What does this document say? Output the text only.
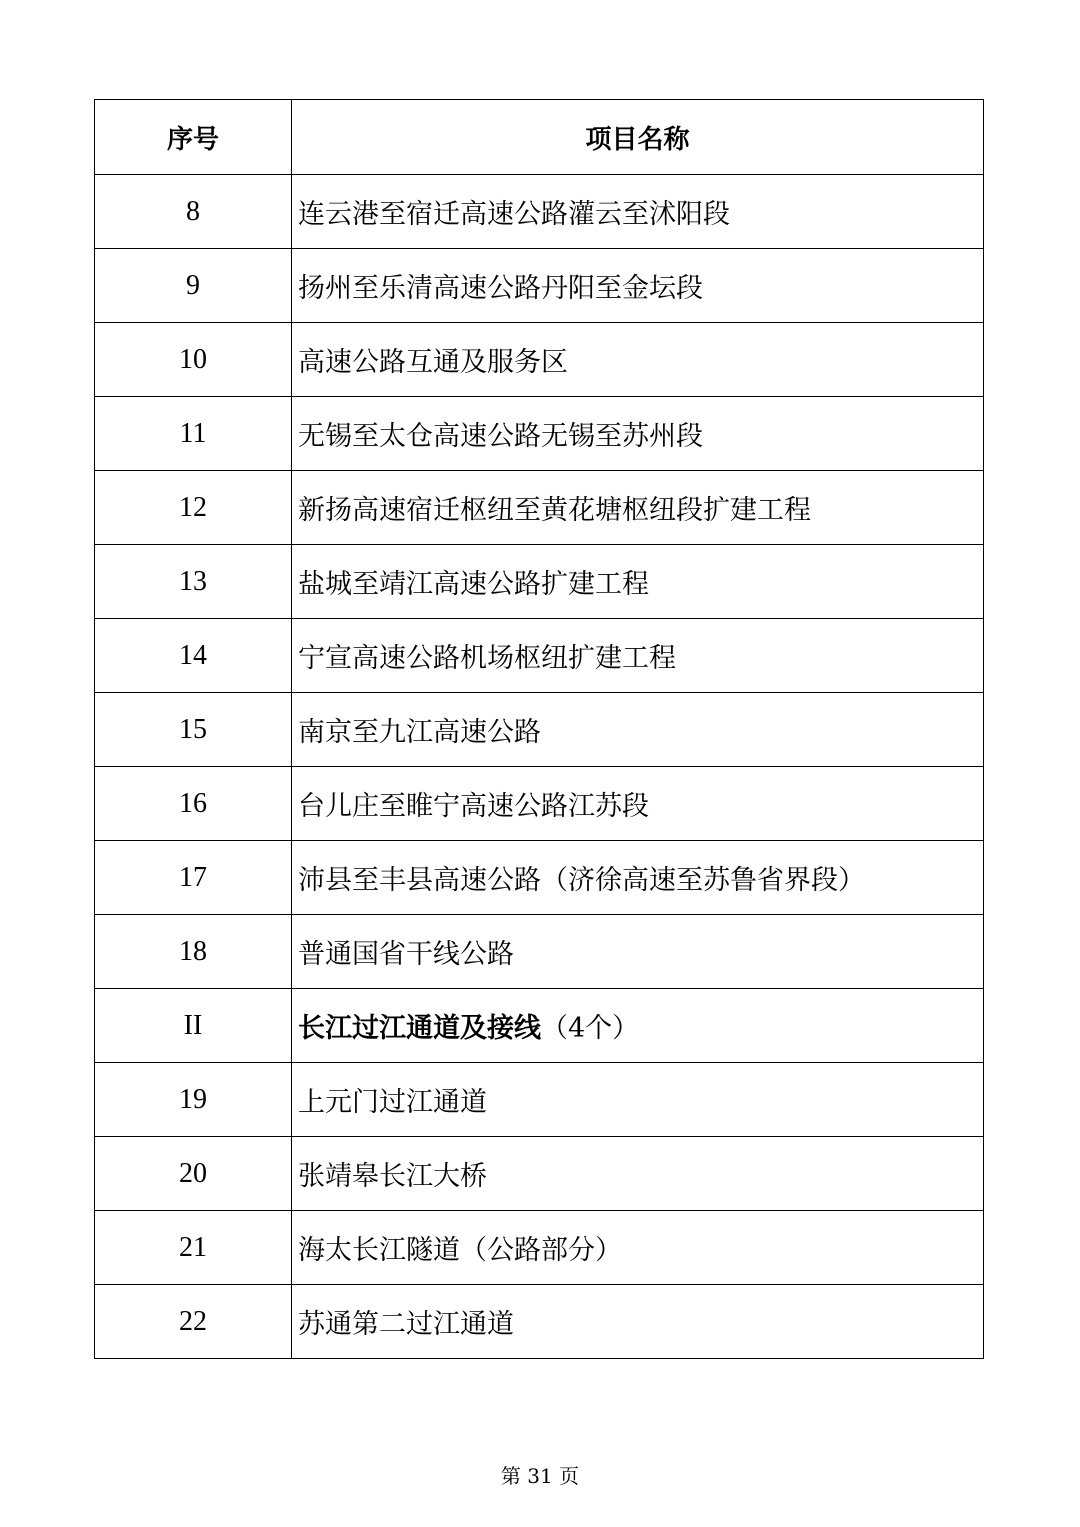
序号	项目名称
8	连云港至宿迁高速公路灌云至沭阳段
9	扬州至乐清高速公路丹阳至金坛段
10	高速公路互通及服务区
11	无锡至太仓高速公路无锡至苏州段
12	新扬高速宿迁枢纽至黄花塘枢纽段扩建工程
13	盐城至靖江高速公路扩建工程
14	宁宣高速公路机场枢纽扩建工程
15	南京至九江高速公路
16	台儿庄至睢宁高速公路江苏段
17	沛县至丰县高速公路（济徐高速至苏鲁省界段）
18	普通国省干线公路
II	长江过江通道及接线（4个）
19	上元门过江通道
20	张靖皋长江大桥
21	海太长江隧道（公路部分）
22	苏通第二过江通道
第 31 页
